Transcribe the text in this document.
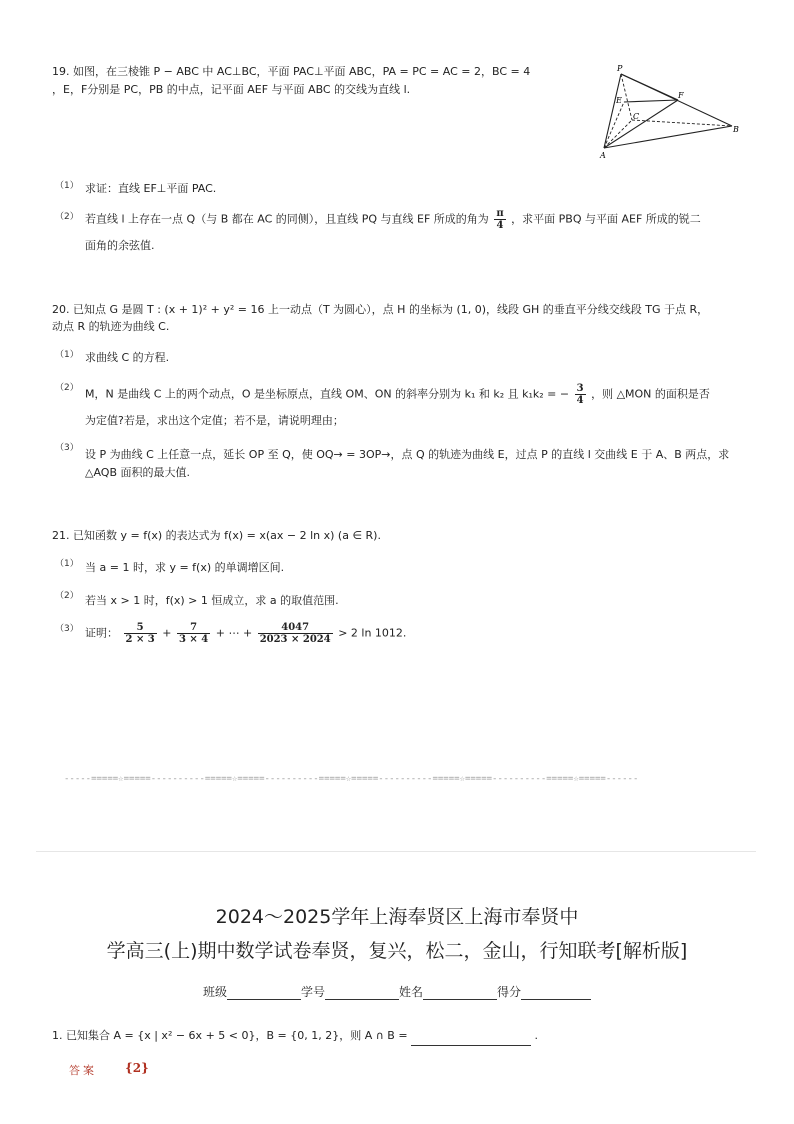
19. 如图，在三棱锥 P − ABC 中 AC⊥BC，平面 PAC⊥平面 ABC，PA = PC = AC = 2，BC = 4
，E，F分别是 PC，PB 的中点，记平面 AEF 与平面 ABC 的交线为直线 l.
P
E
F
C
A
B
（1） 求证：直线 EF⊥平面 PAC.
（2） 若直线 l 上存在一点 Q（与 B 都在 AC 的同侧），且直线 PQ 与直线 EF 所成的角为 $\frac{\pi}{4}$ ，求平面 PBQ 与平面 AEF 所成的锐二
面角的余弦值.
20. 已知点 G 是圆 T : (x + 1)² + y² = 16 上一动点（T 为圆心），点 H 的坐标为 (1, 0)，线段 GH 的垂直平分线交线段 TG 于点 R，
动点 R 的轨迹为曲线 C.
（1） 求曲线 C 的方程.
（2） M，N 是曲线 C 上的两个动点，O 是坐标原点，直线 OM、ON 的斜率分别为 k₁ 和 k₂ 且 k₁k₂ = − $\frac{3}{4}$ ，则 △MON 的面积是否
为定值?若是，求出这个定值；若不是，请说明理由；
（3） 设 P 为曲线 C 上任意一点，延长 OP 至 Q，使 OQ→ = 3OP→，点 Q 的轨迹为曲线 E，过点 P 的直线 l 交曲线 E 于 A、B 两点，求
△AQB 面积的最大值.
21. 已知函数 y = f(x) 的表达式为 f(x) = x(ax − 2 ln x) (a ∈ R).
（1） 当 a = 1 时，求 y = f(x) 的单调增区间.
（2） 若当 x > 1 时，f(x) > 1 恒成立，求 a 的取值范围.
（3） 证明： $\frac{5}{2 \times 3} + \frac{7}{3 \times 4}$ + ⋯ + $\frac{4047}{2023 \times 2024} > 2$ ln 1012.
-----=====☆=====----------=====☆=====----------=====☆=====----------=====☆=====----------=====☆=====------
2024～2025学年上海奉贤区上海市奉贤中
学高三(上)期中数学试卷奉贤，复兴，松二，金山，行知联考[解析版]
班级	学号	姓名	得分
1. 已知集合 A = {x | x² − 6x + 5 < 0}，B = {0, 1, 2}，则 A ∩ B =	.
答案 {2}
